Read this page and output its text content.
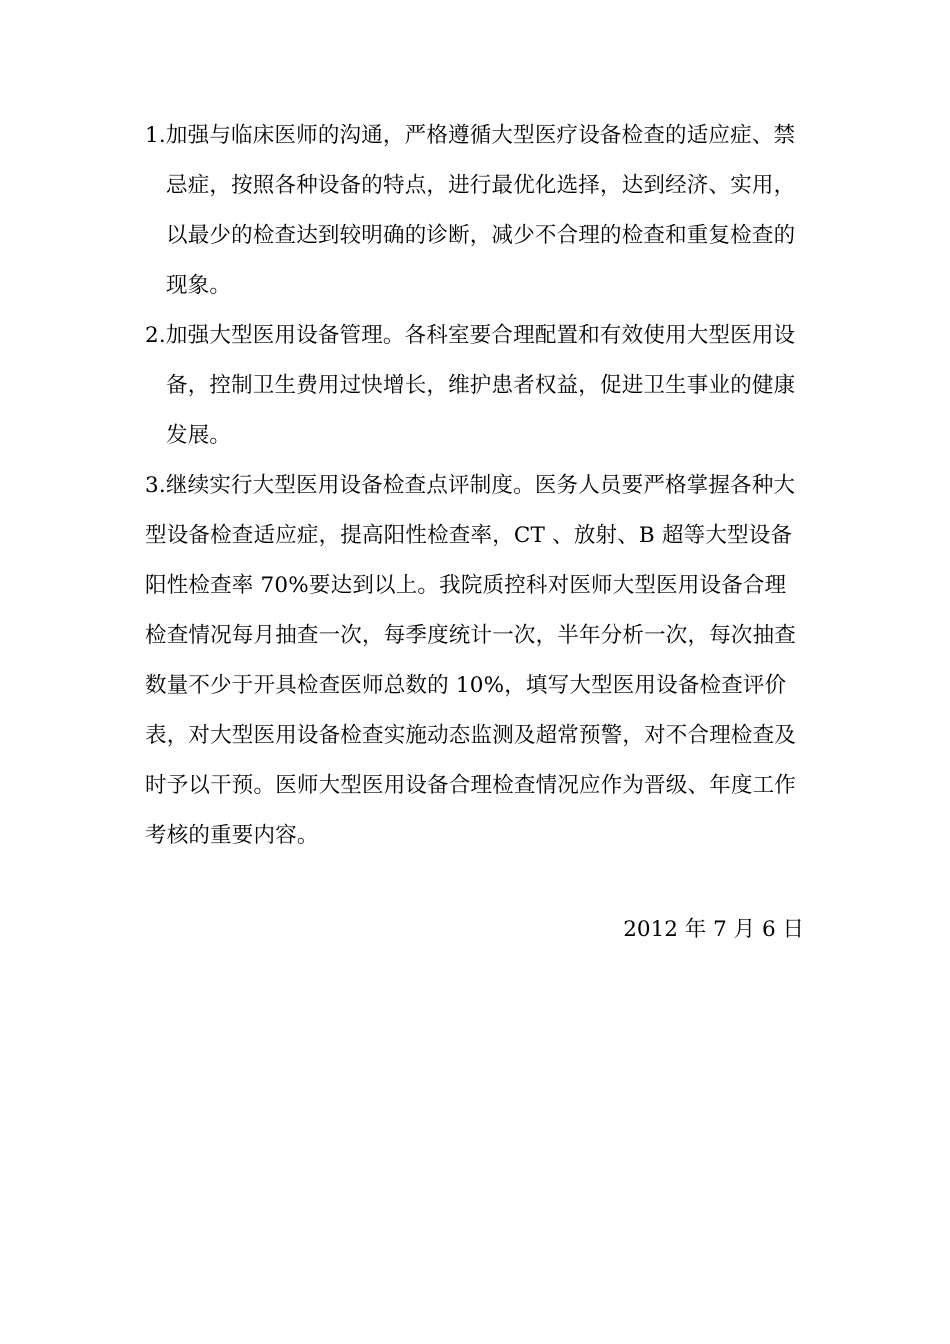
1.加强与临床医师的沟通，严格遵循大型医疗设备检查的适应症、禁
忌症，按照各种设备的特点，进行最优化选择，达到经济、实用，
以最少的检查达到较明确的诊断，减少不合理的检查和重复检查的
现象。
2.加强大型医用设备管理。各科室要合理配置和有效使用大型医用设
备，控制卫生费用过快增长，维护患者权益，促进卫生事业的健康
发展。
3.继续实行大型医用设备检查点评制度。医务人员要严格掌握各种大
型设备检查适应症，提高阳性检查率，CT 、放射、B 超等大型设备
阳性检查率 70%要达到以上。我院质控科对医师大型医用设备合理
检查情况每月抽查一次，每季度统计一次，半年分析一次，每次抽查
数量不少于开具检查医师总数的 10%，填写大型医用设备检查评价
表，对大型医用设备检查实施动态监测及超常预警，对不合理检查及
时予以干预。医师大型医用设备合理检查情况应作为晋级、年度工作
考核的重要内容。
2012 年 7 月 6 日
